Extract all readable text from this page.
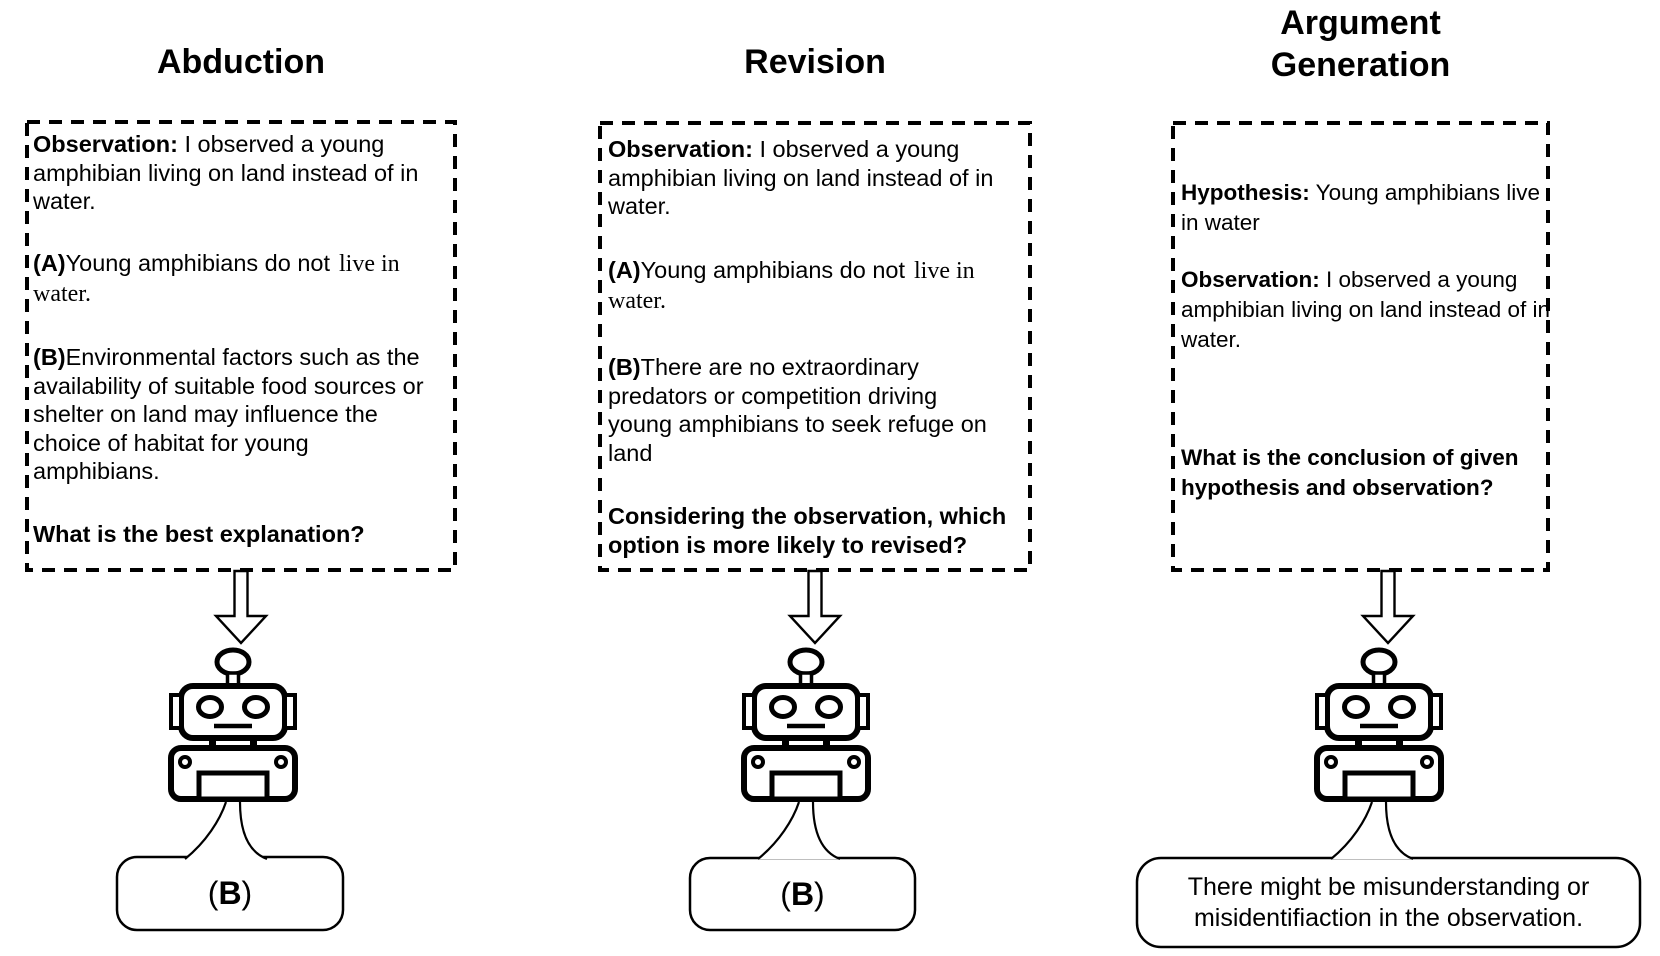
Abduction	Revision
Argument
Generation
Observation: I observed a young
amphibian living on land instead of in
water.
(A)Young amphibians do not live in
water.
(B)Environmental factors such as the
availability of suitable food sources or
shelter on land may influence the
choice of habitat for young
amphibians.
What is the best explanation?
Observation: I observed a young
amphibian living on land instead of in
water.
(A)Young amphibians do not live in
water.
(B)There are no extraordinary
predators or competition driving
young amphibians to seek refuge on
land
Considering the observation, which
option is more likely to revised?
Hypothesis: Young amphibians live
in water
Observation: I observed a young
amphibian living on land instead of in
water.
What is the conclusion of given
hypothesis and observation?
( B )	( B )	There might be misunderstanding or
misidentifiaction in the observation.
